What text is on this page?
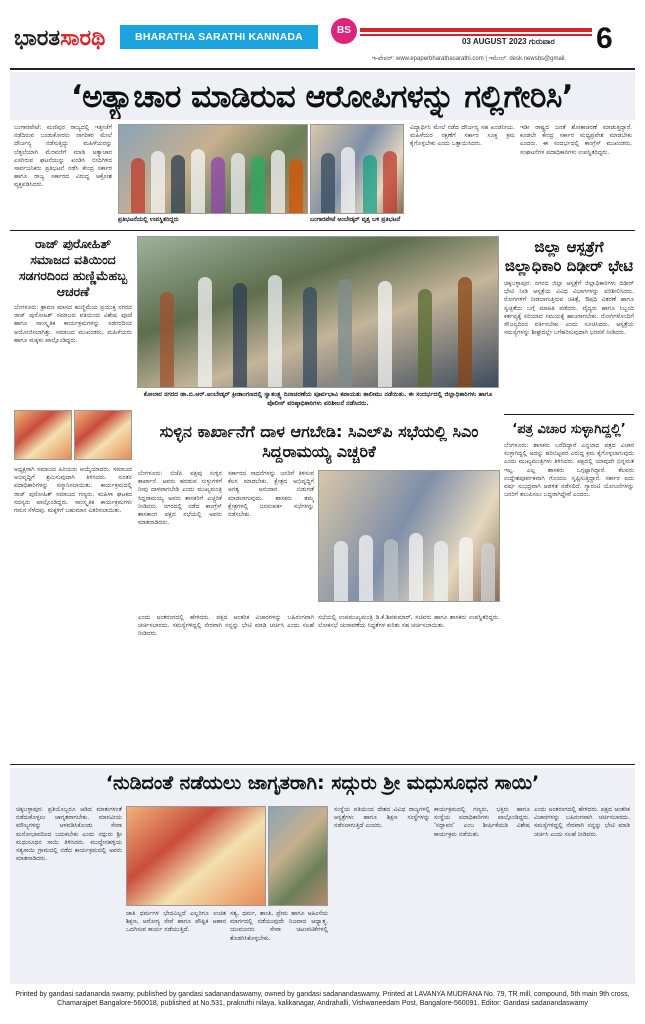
ಭಾರತಸಾರಥಿ	BHARATHA SARATHI KANNADA DAILY
BS
03 AUGUST 2023 ಗುರುವಾರ 6
ಇ-ಪೇಪರ್: www.epaperbharathasarathi.com | ಇಮೇಲ್: desk.newsbs@gmail.
‘ಅತ್ಯಾಚಾರ ಮಾಡಿರುವ ಆರೋಪಿಗಳನ್ನು ಗಲ್ಲಿಗೇರಿಸಿ’
ಬಂಗಾರಪೇಟೆ: ಮಣಿಪುರ ರಾಜ್ಯದಲ್ಲಿ ಇತ್ತೀಚೆಗೆ ನಡೆದಿರುವ ಬಂಡುಕೋರರು ನಾಗರಿಕರ ಮೇಲೆ ದೌರ್ಜನ್ಯ ನಡೆಸುತ್ತಿದ್ದು ಮಹಿಳೆಯರನ್ನು ಬೆತ್ತಲೆಯಾಗಿ ಮೆರವಣಿಗೆ ಮಾಡಿ ಅತ್ಯಾಚಾರ ಎಸಗಿರುವ ಘಟನೆಯನ್ನು ಖಂಡಿಸಿ ಬೀದಿಗಿಳಿದ ಸಾರ್ವಜನಿಕರು ಪ್ರತಿಭಟನೆ ನಡೆಸಿ ಕೇಂದ್ರ ಸರ್ಕಾರ ಹಾಗೂ ರಾಜ್ಯ ಸರ್ಕಾರದ ವಿರುದ್ಧ ಆಕ್ರೋಶ ವ್ಯಕ್ತಪಡಿಸಿದರು.
ಪ್ರತಿಭಟನೆಯಲ್ಲಿ ಉಪಸ್ಥಿತರಿದ್ದರು	ಬಂಗಾರಪೇಟೆ ಅಂಬೇಡ್ಕರ್ ವೃತ್ತ ಬಳಿ ಪ್ರತಿಭಟನೆ
ವಿದ್ಯಾರ್ಥಿನಿ ಮೇಲೆ ನಡೆದ ದೌರ್ಜನ್ಯ ಸಹ ಖಂಡನೀಯ. ಮಹಿಳೆಯರ ರಕ್ಷಣೆಗೆ ಸರ್ಕಾರ ಸೂಕ್ತ ಕ್ರಮ ಕೈಗೊಳ್ಳಬೇಕು ಎಂದು ಒತ್ತಾಯಿಸಿದರು.
ಇಡೀ ರಾಷ್ಟ್ರದ ಜನತೆ ಶೋಕಾಚರಣೆ ಮಾಡುತ್ತಿದ್ದಾರೆ. ಕೂಡಲೇ ಕೇಂದ್ರ ಸರ್ಕಾರ ಮಧ್ಯಪ್ರವೇಶ ಮಾಡಬೇಕು ಎಂದರು. ಈ ಸಂದರ್ಭದಲ್ಲಿ ಕಾಂಗ್ರೆಸ್ ಮುಖಂಡರು, ಸಂಘಟನೆಗಳ ಪದಾಧಿಕಾರಿಗಳು ಉಪಸ್ಥಿತರಿದ್ದರು.
ರಾಜ್ ಪುರೋಹಿತ್ ಸಮಾಜದ ವತಿಯಿಂದ ಸಡಗರದಿಂದ ಹುಣ್ಣಿಮೆಹಬ್ಬ ಆಚರಣೆ
ಬೆಂಗಳೂರು: ಶ್ರಾವಣ ಮಾಸದ ಹುಣ್ಣಿಮೆಯ ಪ್ರಯುಕ್ತ ನಗರದ ರಾಜ್ ಪುರೋಹಿತ್ ಸಮಾಜದ ವತಿಯಿಂದ ವಿಶೇಷ ಪೂಜೆ ಹಾಗೂ ಸಾಂಸ್ಕೃತಿಕ ಕಾರ್ಯಕ್ರಮಗಳನ್ನು ಸಡಗರದಿಂದ ಆಯೋಜಿಸಲಾಗಿತ್ತು. ಸಮಾಜದ ಮುಖಂಡರು, ಮಹಿಳೆಯರು ಹಾಗೂ ಮಕ್ಕಳು ಪಾಲ್ಗೊಂಡಿದ್ದರು.
ಕೋಲಾರ ನಗರದ ಡಾ.ಬಿ.ಆರ್.ಅಂಬೇಡ್ಕರ್ ಕ್ರೀಡಾಂಗಣದಲ್ಲಿ ಸ್ವಾತಂತ್ರ್ಯ ದಿನಾಚರಣೆಯ ಪೂರ್ವಭಾವಿ ಕವಾಯತು ತಾಲೀಮು ನಡೆಯಿತು. ಈ ಸಂದರ್ಭದಲ್ಲಿ ಜಿಲ್ಲಾಧಿಕಾರಿಗಳು ಹಾಗೂ ಪೊಲೀಸ್ ವರಿಷ್ಠಾಧಿಕಾರಿಗಳು ಪರಿಶೀಲನೆ ನಡೆಸಿದರು.
ಜಿಲ್ಲಾ ಆಸ್ಪತ್ರೆಗೆ ಜಿಲ್ಲಾಧಿಕಾರಿ ದಿಢೀರ್ ಭೇಟಿ
ಚಿಕ್ಕಬಳ್ಳಾಪುರ: ನಗರದ ಜಿಲ್ಲಾ ಆಸ್ಪತ್ರೆಗೆ ಜಿಲ್ಲಾಧಿಕಾರಿಗಳು ದಿಢೀರ್ ಭೇಟಿ ನೀಡಿ ಆಸ್ಪತ್ರೆಯ ವಿವಿಧ ವಿಭಾಗಗಳನ್ನು ಪರಿಶೀಲಿಸಿದರು. ರೋಗಿಗಳಿಗೆ ನೀಡಲಾಗುತ್ತಿರುವ ಚಿಕಿತ್ಸೆ, ಔಷಧಿ ವಿತರಣೆ ಹಾಗೂ ಸ್ವಚ್ಛತೆಯ ಬಗ್ಗೆ ಮಾಹಿತಿ ಪಡೆದರು. ವೈದ್ಯರು ಹಾಗೂ ಸಿಬ್ಬಂದಿ ಕರ್ತವ್ಯಕ್ಕೆ ಸರಿಯಾದ ಸಮಯಕ್ಕೆ ಹಾಜರಾಗಬೇಕು. ರೋಗಿಗಳೊಂದಿಗೆ ಸೌಜನ್ಯದಿಂದ ವರ್ತಿಸಬೇಕು ಎಂದು ಸೂಚಿಸಿದರು. ಆಸ್ಪತ್ರೆಯ ಸಮಸ್ಯೆಗಳನ್ನು ಶೀಘ್ರದಲ್ಲೇ ಬಗೆಹರಿಸುವುದಾಗಿ ಭರವಸೆ ನೀಡಿದರು.
‘ಪತ್ರ ವಿಚಾರ ಸುಳ್ಳಾಗಿದ್ದಲ್ಲಿ’
ಬೆಂಗಳೂರು: ಶಾಸಕರು ಬರೆದಿದ್ದಾರೆ ಎನ್ನಲಾದ ಪತ್ರದ ವಿಚಾರ ಸುಳ್ಳಾಗಿದ್ದಲ್ಲಿ ಅದನ್ನು ಹರಿಬಿಟ್ಟವರ ವಿರುದ್ಧ ಕ್ರಮ ಕೈಗೊಳ್ಳಲಾಗುವುದು ಎಂದು ಮುಖ್ಯಮಂತ್ರಿಗಳು ತಿಳಿಸಿದರು. ಪಕ್ಷದಲ್ಲಿ ಯಾವುದೇ ಭಿನ್ನಮತ ಇಲ್ಲ. ಎಲ್ಲ ಶಾಸಕರು ಒಗ್ಗಟ್ಟಾಗಿದ್ದಾರೆ. ಕೆಲವರು ಉದ್ದೇಶಪೂರ್ವಕವಾಗಿ ಗೊಂದಲ ಸೃಷ್ಟಿಸುತ್ತಿದ್ದಾರೆ. ಸರ್ಕಾರ ಐದು ವರ್ಷ ಸುಭದ್ರವಾಗಿ ಆಡಳಿತ ನಡೆಸಲಿದೆ. ಗ್ಯಾರಂಟಿ ಯೋಜನೆಗಳನ್ನು ಜನರಿಗೆ ತಲುಪಿಸಲು ಬದ್ಧರಾಗಿದ್ದೇವೆ ಎಂದರು.
ಸುಳ್ಳಿನ ಕಾರ್ಖಾನೆಗೆ ದಾಳ ಆಗಬೇಡಿ: ಸಿಎಲ್‌ಪಿ ಸಭೆಯಲ್ಲಿ ಸಿಎಂ ಸಿದ್ದರಾಮಯ್ಯ ಎಚ್ಚರಿಕೆ
ಅಧ್ಯಕ್ಷರಾಗಿ ಸಮಾಜದ ಹಿರಿಯರು ಆಯ್ಕೆಯಾದರು. ಸಮಾಜದ ಅಭಿವೃದ್ಧಿಗೆ ಶ್ರಮಿಸುವುದಾಗಿ ತಿಳಿಸಿದರು. ನೂತನ ಪದಾಧಿಕಾರಿಗಳನ್ನು ಸನ್ಮಾನಿಸಲಾಯಿತು. ಕಾರ್ಯಕ್ರಮದಲ್ಲಿ ರಾಜ್ ಪುರೋಹಿತ್ ಸಮಾಜದ ಗಣ್ಯರು, ಮಹಿಳಾ ಘಟಕದ ಸದಸ್ಯರು ಪಾಲ್ಗೊಂಡಿದ್ದರು. ಸಾಂಸ್ಕೃತಿಕ ಕಾರ್ಯಕ್ರಮಗಳು ಗಮನ ಸೆಳೆದವು. ಮಕ್ಕಳಿಗೆ ಬಹುಮಾನ ವಿತರಿಸಲಾಯಿತು.
ಬೆಂಗಳೂರು: ಬಿಜೆಪಿ ಪಕ್ಷವು ಸುಳ್ಳಿನ ಕಾರ್ಖಾನೆ. ಅವರು ಹರಡುವ ಸುಳ್ಳುಗಳಿಗೆ ನೀವು ದಾಳವಾಗಬೇಡಿ ಎಂದು ಮುಖ್ಯಮಂತ್ರಿ ಸಿದ್ದರಾಮಯ್ಯ ಅವರು ಶಾಸಕರಿಗೆ ಎಚ್ಚರಿಕೆ ನೀಡಿದರು. ನಗರದಲ್ಲಿ ನಡೆದ ಕಾಂಗ್ರೆಸ್ ಶಾಸಕಾಂಗ ಪಕ್ಷದ ಸಭೆಯಲ್ಲಿ ಅವರು ಮಾತನಾಡಿದರು.
ಸರ್ಕಾರದ ಸಾಧನೆಗಳನ್ನು ಜನರಿಗೆ ತಿಳಿಸುವ ಕೆಲಸ ಮಾಡಬೇಕು. ಕ್ಷೇತ್ರದ ಅಭಿವೃದ್ಧಿಗೆ ಅಗತ್ಯ ಅನುದಾನ ಬಿಡುಗಡೆ ಮಾಡಲಾಗುವುದು. ಶಾಸಕರು ತಮ್ಮ ಕ್ಷೇತ್ರಗಳಲ್ಲಿ ಜನಸಂಪರ್ಕ ಸಭೆಗಳನ್ನು ನಡೆಸಬೇಕು.
ಎಂದು ಅಂತರಂಗದಲ್ಲಿ ಹೇಳಿದರು. ಪಕ್ಷದ ಆಂತರಿಕ ವಿಚಾರಗಳನ್ನು ಬಹಿರಂಗವಾಗಿ ಚರ್ಚಿಸಬಾರದು. ಸಮಸ್ಯೆಗಳಿದ್ದಲ್ಲಿ ನೇರವಾಗಿ ನನ್ನನ್ನು ಭೇಟಿ ಮಾಡಿ ಚರ್ಚಿಸಿ ಎಂದು ಸಲಹೆ ನೀಡಿದರು.
ಸಭೆಯಲ್ಲಿ ಉಪಮುಖ್ಯಮಂತ್ರಿ ಡಿ.ಕೆ.ಶಿವಕುಮಾರ್, ಸಚಿವರು ಹಾಗೂ ಶಾಸಕರು ಉಪಸ್ಥಿತರಿದ್ದರು. ಲೋಕಸಭೆ ಚುನಾವಣೆಯ ಸಿದ್ಧತೆಗಳ ಕುರಿತು ಸಹ ಚರ್ಚಿಸಲಾಯಿತು.
‘ನುಡಿದಂತೆ ನಡೆಯಲು ಜಾಗೃತರಾಗಿ: ಸದ್ಗುರು ಶ್ರೀ ಮಧುಸೂಧನ ಸಾಯಿ’
ಚಿಕ್ಕಬಳ್ಳಾಪುರ: ಪ್ರತಿಯೊಬ್ಬರೂ ಆಡಿದ ಮಾತುಗಳಂತೆ ನಡೆದುಕೊಳ್ಳಲು ಜಾಗೃತರಾಗಬೇಕು. ಮಾನವೀಯ ಮೌಲ್ಯಗಳನ್ನು ಅಳವಡಿಸಿಕೊಂಡು ಸೇವಾ ಮನೋಭಾವದಿಂದ ಬದುಕಬೇಕು ಎಂದು ಸದ್ಗುರು ಶ್ರೀ ಮಧುಸೂಧನ ಸಾಯಿ ತಿಳಿಸಿದರು. ಮುದ್ದೇನಹಳ್ಳಿಯ ಸತ್ಯಸಾಯಿ ಗ್ರಾಮದಲ್ಲಿ ನಡೆದ ಕಾರ್ಯಕ್ರಮದಲ್ಲಿ ಅವರು ಮಾತನಾಡಿದರು.
ಜಾತಿ ಧರ್ಮಗಳ ಭೇದವಿಲ್ಲದೆ ಎಲ್ಲರಿಗೂ ಉಚಿತ ಶಿಕ್ಷಣ, ಆರೋಗ್ಯ ಸೇವೆ ಹಾಗೂ ಪೌಷ್ಟಿಕ ಆಹಾರ ಒದಗಿಸುವ ಕಾರ್ಯ ನಡೆಯುತ್ತಿದೆ.
ಸತ್ಯ, ಧರ್ಮ, ಶಾಂತಿ, ಪ್ರೇಮ ಹಾಗೂ ಅಹಿಂಸೆಯ ಮಾರ್ಗದಲ್ಲಿ ನಡೆಯುವುದೇ ನಿಜವಾದ ಆಧ್ಯಾತ್ಮ. ಯುವಜನರು ಸೇವಾ ಚಟುವಟಿಕೆಗಳಲ್ಲಿ ತೊಡಗಿಸಿಕೊಳ್ಳಬೇಕು.
ಸಂಸ್ಥೆಯ ವತಿಯಿಂದ ದೇಶದ ವಿವಿಧ ರಾಜ್ಯಗಳಲ್ಲಿ ಆಸ್ಪತ್ರೆಗಳು ಹಾಗೂ ಶಿಕ್ಷಣ ಸಂಸ್ಥೆಗಳನ್ನು ನಡೆಸಲಾಗುತ್ತಿದೆ ಎಂದರು.
ಕಾರ್ಯಕ್ರಮದಲ್ಲಿ ಗಣ್ಯರು, ಭಕ್ತರು ಹಾಗೂ ಸಂಸ್ಥೆಯ ಪದಾಧಿಕಾರಿಗಳು ಪಾಲ್ಗೊಂಡಿದ್ದರು. ‘ಸದ್ಭಾವನ’ ಎಂಬ ಶೀರ್ಷಿಕೆಯಡಿ ವಿಶೇಷ ಕಾರ್ಯಕ್ರಮ ನಡೆಯಿತು.
ಎಂದು ಅಂತರಂಗದಲ್ಲಿ ಹೇಳಿದರು. ಪಕ್ಷದ ಆಂತರಿಕ ವಿಚಾರಗಳನ್ನು ಬಹಿರಂಗವಾಗಿ ಚರ್ಚಿಸಬಾರದು. ಸಮಸ್ಯೆಗಳಿದ್ದಲ್ಲಿ ನೇರವಾಗಿ ನನ್ನನ್ನು ಭೇಟಿ ಮಾಡಿ ಚರ್ಚಿಸಿ ಎಂದು ಸಲಹೆ ನೀಡಿದರು.
Printed by gandasi sadananda swamy, published by gandasi sadanandaswamy, owned by gandasi sadanandaswamy. Printed at LAVANYA MUDRANA No. 79, TR mill, compound, 5th main 9th cross,
Chamarajpet Bangalore-560018, published at No.531, prakruthi nilaya, kalikanagar, Andrahalli, Vishwaneedam Post, Bangalore-560091. Editor: Gandasi sadanandaswamy
